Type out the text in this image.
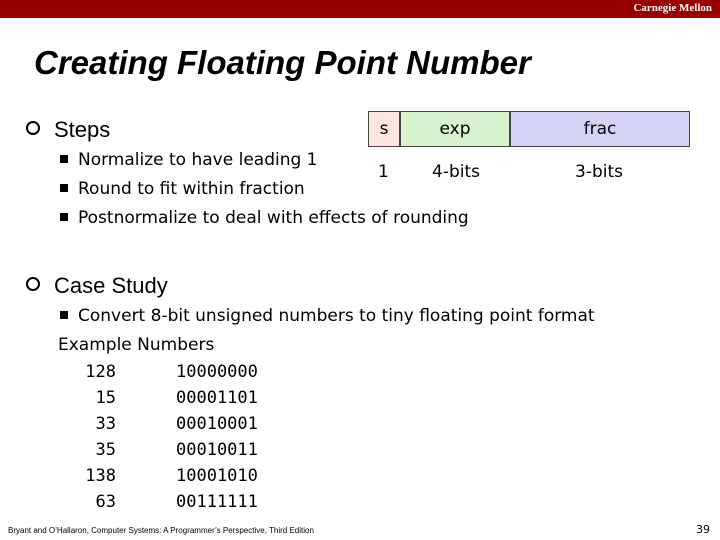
Carnegie Mellon
Creating Floating Point Number
Steps
Normalize to have leading 1
Round to fit within fraction
Postnormalize to deal with effects of rounding
s	exp	frac
1	4-bits	3-bits
Case Study
Convert 8-bit unsigned numbers to tiny floating point format
Example Numbers
128	10000000
15	00001101
33	00010001
35	00010011
138	10001010
63	00111111
Bryant and O’Hallaron, Computer Systems: A Programmer’s Perspective, Third Edition	39
